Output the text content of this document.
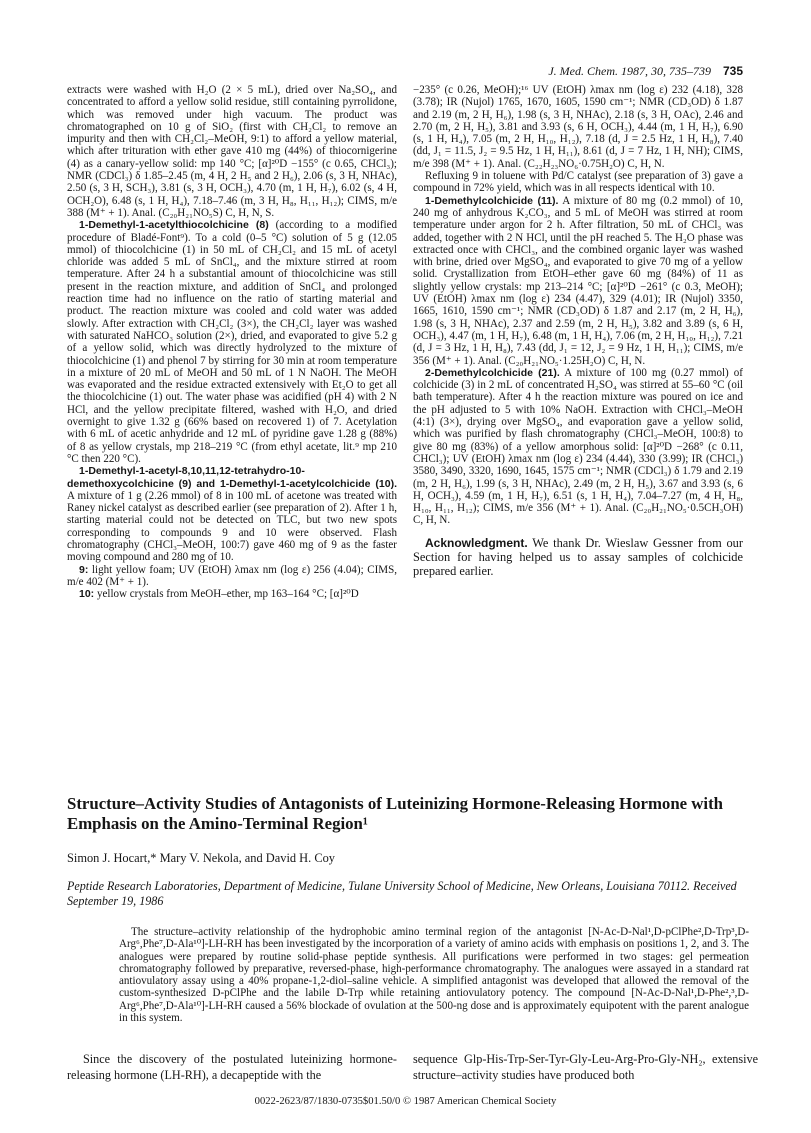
J. Med. Chem. 1987, 30, 735–739 735

extracts were washed with H₂O (2 × 5 mL), dried over Na₂SO₄, and concentrated to afford a yellow solid residue, still containing pyrrolidone, which was removed under high vacuum. The product was chromatographed on 10 g of SiO₂ (first with CH₂Cl₂ to remove an impurity and then with CH₂Cl₂–MeOH, 9:1) to afford a yellow material, which after trituration with ether gave 410 mg (44%) of thiocornigerine (4) as a canary-yellow solid: mp 140 °C; [α]²⁰D −155° (c 0.65, CHCl₃); NMR (CDCl₃) δ 1.85–2.45 (m, 4 H, 2 H₅ and 2 H₆), 2.06 (s, 3 H, NHAc), 2.50 (s, 3 H, SCH₃), 3.81 (s, 3 H, OCH₃), 4.70 (m, 1 H, H₇), 6.02 (s, 4 H, OCH₂O), 6.48 (s, 1 H, H₄), 7.18–7.46 (m, 3 H, H₈, H₁₁, H₁₂); CIMS, m/e 388 (M⁺ + 1). Anal. (C₂₀H₂₁NO₅S) C, H, N, S.

1-Demethyl-1-acetylthiocolchicine (8) (according to a modified procedure of Bladé-Font⁹). To a cold (0–5 °C) solution of 5 g (12.05 mmol) of thiocolchicine (1) in 50 mL of CH₂Cl₂ and 15 mL of acetyl chloride was added 5 mL of SnCl₄, and the mixture stirred at room temperature. After 24 h a substantial amount of thiocolchicine was still present in the reaction mixture, and addition of SnCl₄ and prolonged reaction time had no influence on the ratio of starting material and product. The reaction mixture was cooled and cold water was added slowly. After extraction with CH₂Cl₂ (3×), the CH₂Cl₂ layer was washed with saturated NaHCO₃ solution (2×), dried, and evaporated to give 5.2 g of a yellow solid, which was directly hydrolyzed to the mixture of thiocolchicine (1) and phenol 7 by stirring for 30 min at room temperature in a mixture of 20 mL of MeOH and 50 mL of 1 N NaOH. The MeOH was evaporated and the residue extracted extensively with Et₂O to get all the thiocolchicine (1) out. The water phase was acidified (pH 4) with 2 N HCl, and the yellow precipitate filtered, washed with H₂O, and dried overnight to give 1.32 g (66% based on recovered 1) of 7. Acetylation with 6 mL of acetic anhydride and 12 mL of pyridine gave 1.28 g (88%) of 8 as yellow crystals, mp 218–219 °C (from ethyl acetate, lit.⁹ mp 210 °C then 220 °C).

1-Demethyl-1-acetyl-8,10,11,12-tetrahydro-10-demethoxycolchicine (9) and 1-Demethyl-1-acetylcolchicide (10). A mixture of 1 g (2.26 mmol) of 8 in 100 mL of acetone was treated with Raney nickel catalyst as described earlier (see preparation of 2). After 1 h, starting material could not be detected on TLC, but two new spots corresponding to compounds 9 and 10 were observed. Flash chromatography (CHCl₃–MeOH, 100:7) gave 460 mg of 9 as the faster moving compound and 280 mg of 10.

9: light yellow foam; UV (EtOH) λmax nm (log ε) 256 (4.04); CIMS, m/e 402 (M⁺ + 1).

10: yellow crystals from MeOH–ether, mp 163–164 °C; [α]²⁰D

−235° (c 0.26, MeOH);¹⁶ UV (EtOH) λmax nm (log ε) 232 (4.18), 328 (3.78); IR (Nujol) 1765, 1670, 1605, 1590 cm⁻¹; NMR (CD₃OD) δ 1.87 and 2.19 (m, 2 H, H₆), 1.98 (s, 3 H, NHAc), 2.18 (s, 3 H, OAc), 2.46 and 2.70 (m, 2 H, H₅), 3.81 and 3.93 (s, 6 H, OCH₃), 4.44 (m, 1 H, H₇), 6.90 (s, 1 H, H₄), 7.05 (m, 2 H, H₁₀, H₁₂), 7.18 (d, J = 2.5 Hz, 1 H, H₈), 7.40 (dd, J₁ = 11.5, J₂ = 9.5 Hz, 1 H, H₁₁), 8.61 (d, J = 7 Hz, 1 H, NH); CIMS, m/e 398 (M⁺ + 1). Anal. (C₂₂H₂₃NO₆·0.75H₂O) C, H, N.

Refluxing 9 in toluene with Pd/C catalyst (see preparation of 3) gave a compound in 72% yield, which was in all respects identical with 10.

1-Demethylcolchicide (11). A mixture of 80 mg (0.2 mmol) of 10, 240 mg of anhydrous K₂CO₃, and 5 mL of MeOH was stirred at room temperature under argon for 2 h. After filtration, 50 mL of CHCl₃ was added, together with 2 N HCl, until the pH reached 5. The H₂O phase was extracted once with CHCl₃, and the combined organic layer was washed with brine, dried over MgSO₄, and evaporated to give 70 mg of a yellow solid. Crystallization from EtOH–ether gave 60 mg (84%) of 11 as slightly yellow crystals: mp 213–214 °C; [α]²⁰D −261° (c 0.3, MeOH); UV (EtOH) λmax nm (log ε) 234 (4.47), 329 (4.01); IR (Nujol) 3350, 1665, 1610, 1590 cm⁻¹; NMR (CD₃OD) δ 1.87 and 2.17 (m, 2 H, H₆), 1.98 (s, 3 H, NHAc), 2.37 and 2.59 (m, 2 H, H₅), 3.82 and 3.89 (s, 6 H, OCH₃), 4.47 (m, 1 H, H₇), 6.48 (m, 1 H, H₄), 7.06 (m, 2 H, H₁₀, H₁₂), 7.21 (d, J = 3 Hz, 1 H, H₈), 7.43 (dd, J₁ = 12, J₂ = 9 Hz, 1 H, H₁₁); CIMS, m/e 356 (M⁺ + 1). Anal. (C₂₀H₂₁NO₅·1.25H₂O) C, H, N.

2-Demethylcolchicide (21). A mixture of 100 mg (0.27 mmol) of colchicide (3) in 2 mL of concentrated H₂SO₄ was stirred at 55–60 °C (oil bath temperature). After 4 h the reaction mixture was poured on ice and the pH adjusted to 5 with 10% NaOH. Extraction with CHCl₃–MeOH (4:1) (3×), drying over MgSO₄, and evaporation gave a yellow solid, which was purified by flash chromatography (CHCl₃–MeOH, 100:8) to give 80 mg (83%) of a yellow amorphous solid: [α]²⁰D −268° (c 0.11, CHCl₃); UV (EtOH) λmax nm (log ε) 234 (4.44), 330 (3.99); IR (CHCl₃) 3580, 3490, 3320, 1690, 1645, 1575 cm⁻¹; NMR (CDCl₃) δ 1.79 and 2.19 (m, 2 H, H₆), 1.99 (s, 3 H, NHAc), 2.49 (m, 2 H, H₅), 3.67 and 3.93 (s, 6 H, OCH₃), 4.59 (m, 1 H, H₇), 6.51 (s, 1 H, H₄), 7.04–7.27 (m, 4 H, H₈, H₁₀, H₁₁, H₁₂); CIMS, m/e 356 (M⁺ + 1). Anal. (C₂₀H₂₁NO₅·0.5CH₃OH) C, H, N.

Acknowledgment. We thank Dr. Wieslaw Gessner from our Section for having helped us to assay samples of colchicide prepared earlier.

Structure–Activity Studies of Antagonists of Luteinizing Hormone-Releasing Hormone with Emphasis on the Amino-Terminal Region¹
Simon J. Hocart,* Mary V. Nekola, and David H. Coy
Peptide Research Laboratories, Department of Medicine, Tulane University School of Medicine, New Orleans, Louisiana 70112. Received September 19, 1986

The structure–activity relationship of the hydrophobic amino terminal region of the antagonist [N-Ac-D-Nal¹,D-pClPhe²,D-Trp³,D-Arg⁶,Phe⁷,D-Ala¹⁰]-LH-RH has been investigated by the incorporation of a variety of amino acids with emphasis on positions 1, 2, and 3. The analogues were prepared by routine solid-phase peptide synthesis. All purifications were performed in two stages: gel permeation chromatography followed by preparative, reversed-phase, high-performance chromatography. The analogues were assayed in a standard rat antiovulatory assay using a 40% propane-1,2-diol–saline vehicle. A simplified antagonist was developed that allowed the removal of the custom-synthesized D-pClPhe and the labile D-Trp while retaining antiovulatory potency. The compound [N-Ac-D-Nal¹,D-Phe²,³,D-Arg⁶,Phe⁷,D-Ala¹⁰]-LH-RH caused a 56% blockade of ovulation at the 500-ng dose and is approximately equipotent with the parent analogue in this system.

Since the discovery of the postulated luteinizing hormone-releasing hormone (LH-RH), a decapeptide with the
sequence Glp-His-Trp-Ser-Tyr-Gly-Leu-Arg-Pro-Gly-NH₂, extensive structure–activity studies have produced both
0022-2623/87/1830-0735$01.50/0 © 1987 American Chemical Society
